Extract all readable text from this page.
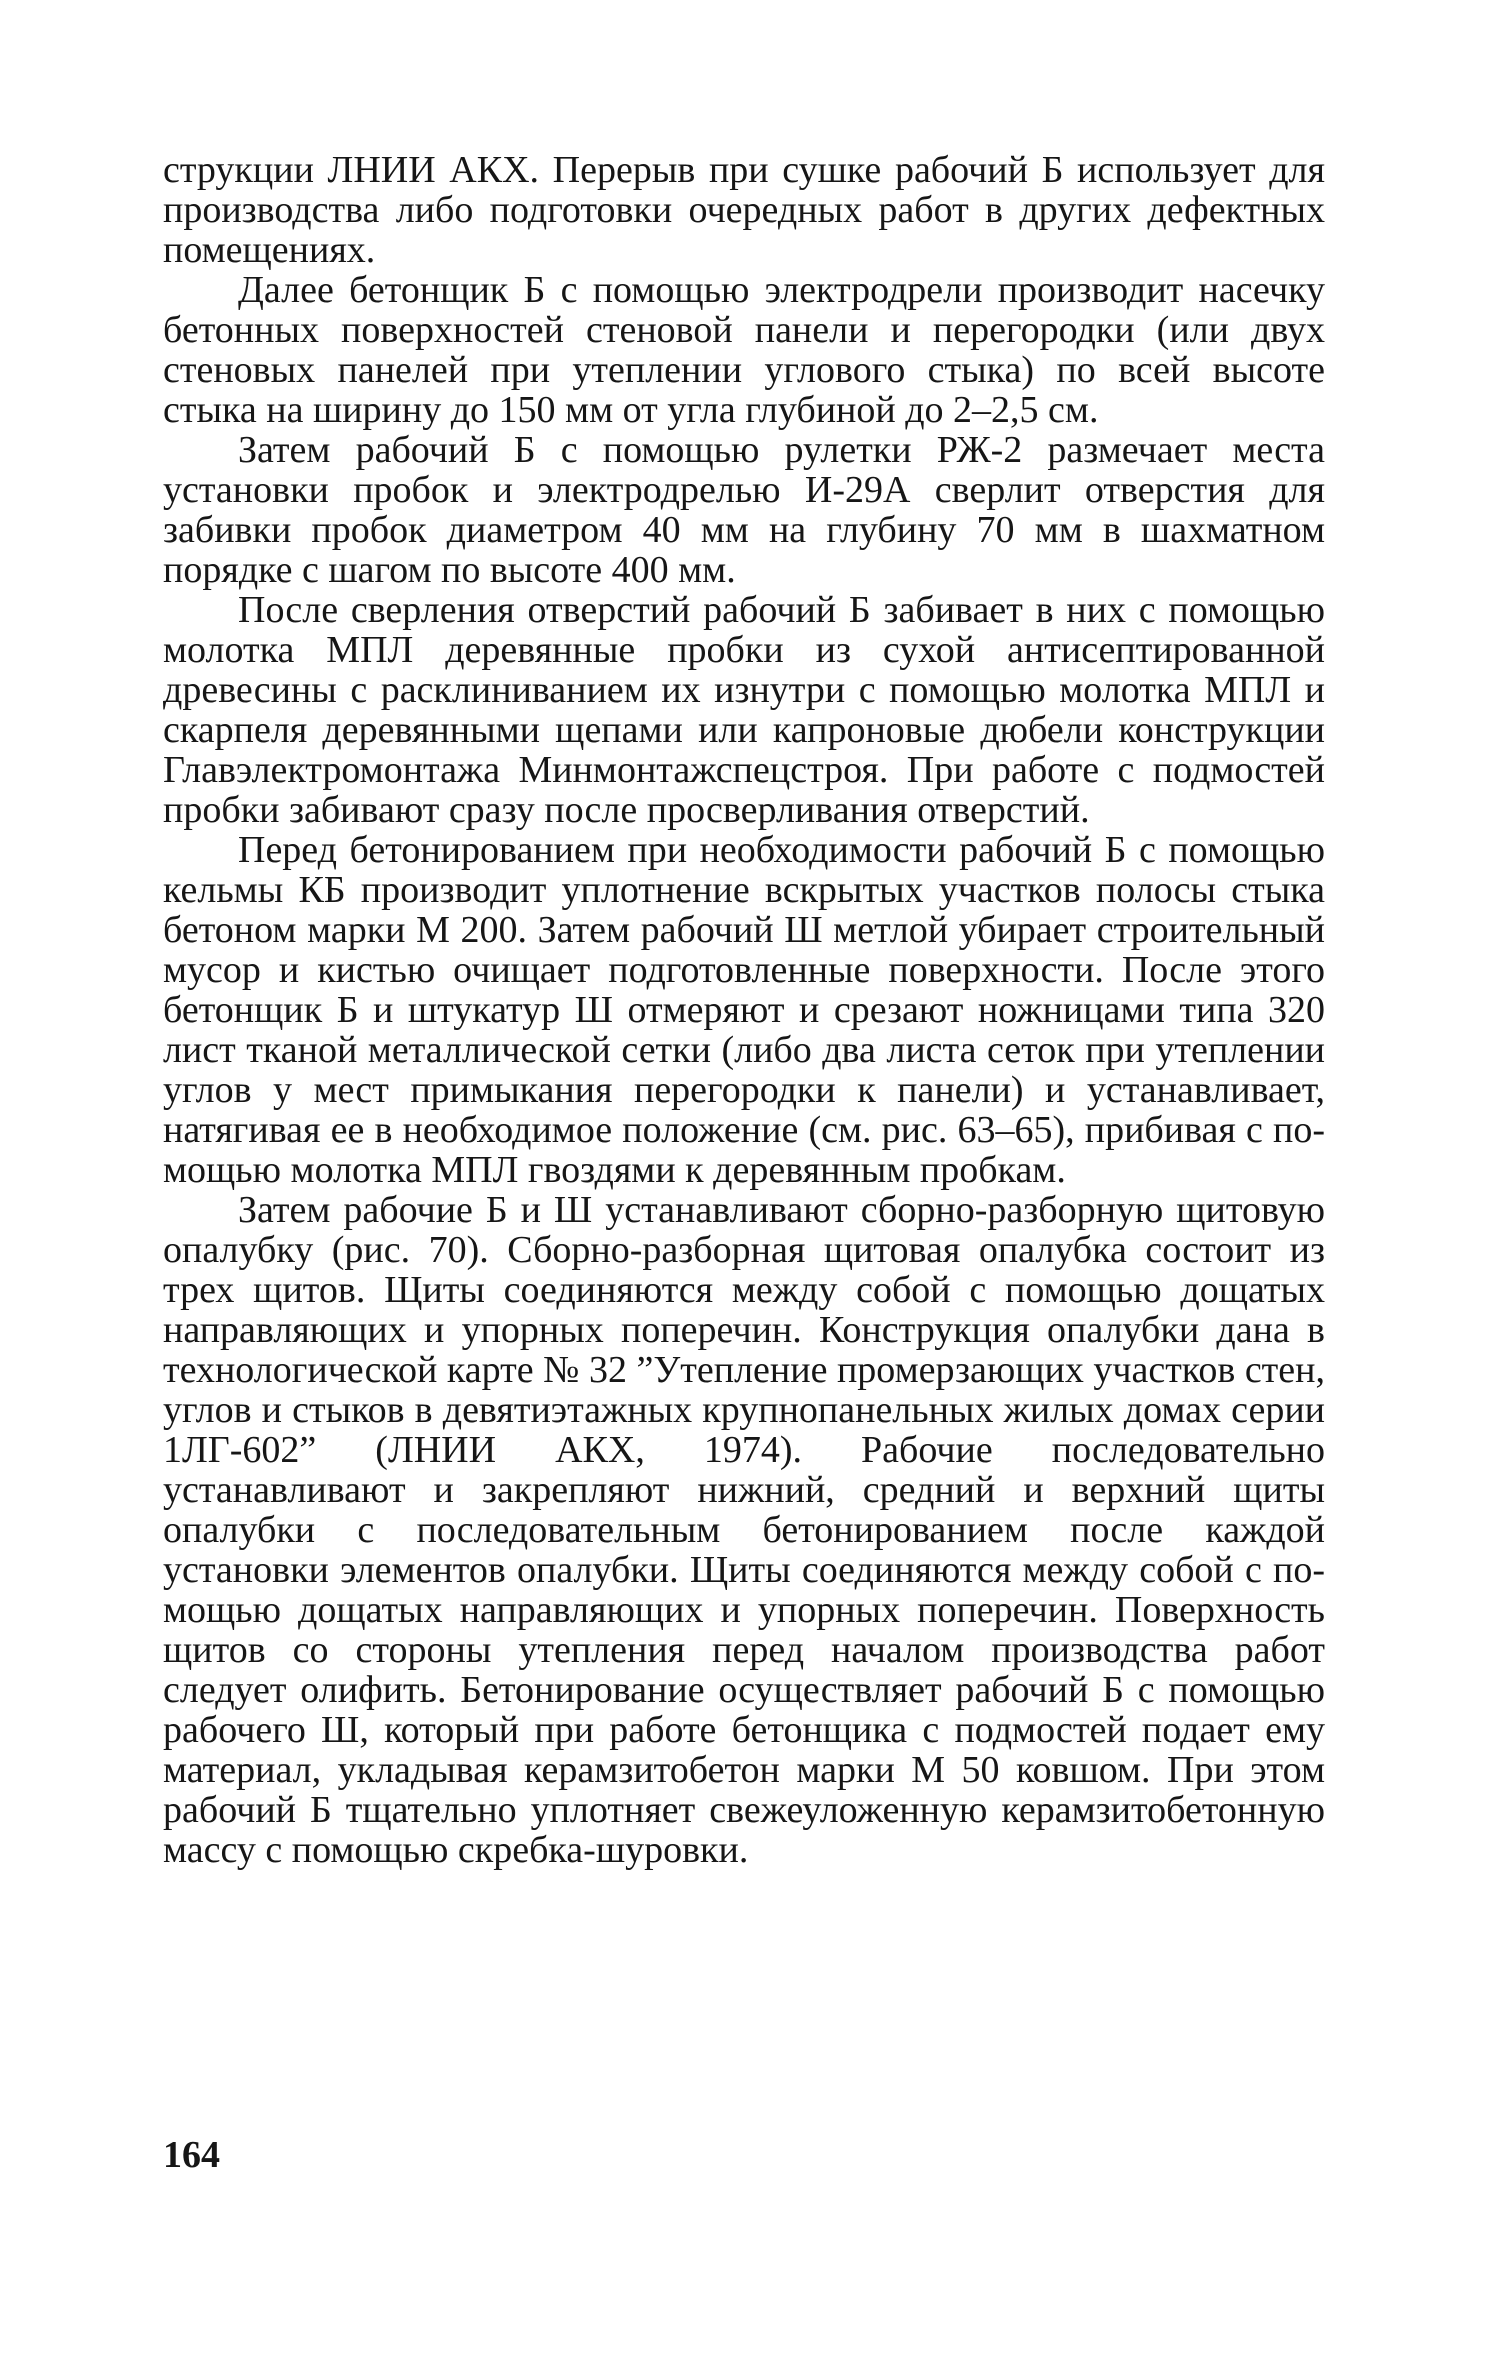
струкции ЛНИИ АКХ. Перерыв при сушке рабочий Б использует для производства либо подготовки очередных работ в других дефектных помещениях.

Далее бетонщик Б с помощью электродрели производит насечку бетонных поверхностей стеновой панели и перегородки (или двух стеновых панелей при утеплении углового стыка) по всей высоте стыка на ширину до 150 мм от угла глубиной до 2–2,5 см.

Затем рабочий Б с помощью рулетки РЖ-2 размечает места установки пробок и электродрелью И-29А сверлит отверстия для забивки пробок диаметром 40 мм на глубину 70 мм в шахматном порядке с шагом по высоте 400 мм.

После сверления отверстий рабочий Б забивает в них с помощью молотка МПЛ деревянные пробки из сухой антисептированной древесины с расклиниванием их изнутри с помощью молотка МПЛ и скарпеля деревянными щепами или капроновые дюбели конструкции Главэлектромонтажа Минмонтажспецстроя. При работе с подмостей пробки забивают сразу после просверливания отверстий.

Перед бетонированием при необходимости рабочий Б с помощью кельмы КБ производит уплотнение вскрытых участков полосы стыка бетоном марки М 200. Затем рабочий Ш метлой убирает строительный мусор и кистью очищает подготовленные поверхности. После этого бетонщик Б и штукатур Ш отмеряют и срезают ножницами типа 320 лист тканой металлической сетки (либо два листа сеток при утеплении углов у мест примыкания перегородки к панели) и устанавливает, натягивая ее в необходимое положение (см. рис. 63–65), прибивая с помощью молотка МПЛ гвоздями к деревянным пробкам.

Затем рабочие Б и Ш устанавливают сборно-разборную щитовую опалубку (рис. 70). Сборно-разборная щитовая опалубка состоит из трех щитов. Щиты соединяются между собой с помощью дощатых направляющих и упорных поперечин. Конструкция опалубки дана в технологической карте № 32 ”Утепление промерзающих участков стен, углов и стыков в девятиэтажных крупнопанельных жилых домах серии 1ЛГ-602” (ЛНИИ АКХ, 1974). Рабочие последовательно устанавливают и закрепляют нижний, средний и верхний щиты опалубки с последовательным бетонированием после каждой установки элементов опалубки. Щиты соединяются между собой с помощью дощатых направляющих и упорных поперечин. Поверхность щитов со стороны утепления перед началом производства работ следует олифить. Бетонирование осуществляет рабочий Б с помощью рабочего Ш, который при работе бетонщика с подмостей подает ему материал, укладывая керамзитобетон марки М 50 ковшом. При этом рабочий Б тщательно уплотняет свежеуложенную керамзитобетонную массу с помощью скребка-шуровки.

164
